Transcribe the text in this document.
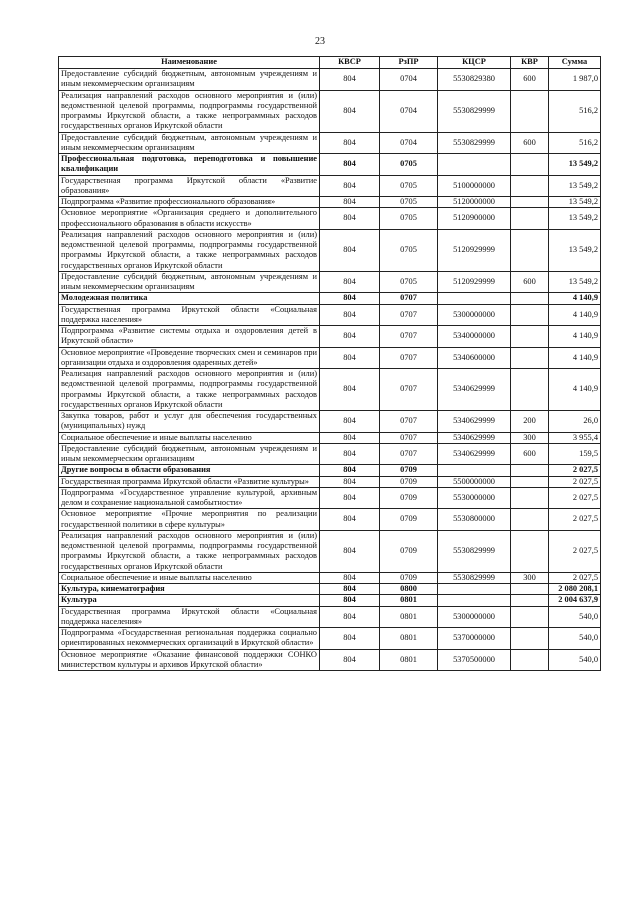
23
Наименование	КВСР	РзПР	КЦСР	КВР	Сумма
Предоставление субсидий бюджетным, автономным учреждениям и иным некоммерческим организациям	804	0704	5530829380	600	1 987,0
Реализация направлений расходов основного мероприятия и (или) ведомственной целевой программы, подпрограммы государственной программы Иркутской области, а также непрограммных расходов государственных органов Иркутской области	804	0704	5530829999		516,2
Предоставление субсидий бюджетным, автономным учреждениям и иным некоммерческим организациям	804	0704	5530829999	600	516,2
Профессиональная подготовка, переподготовка и повышение квалификации	804	0705			13 549,2
Государственная программа Иркутской области «Развитие образования»	804	0705	5100000000		13 549,2
Подпрограмма «Развитие профессионального образования»	804	0705	5120000000		13 549,2
Основное мероприятие «Организация среднего и дополнительного профессионального образования в области искусств»	804	0705	5120900000		13 549,2
Реализация направлений расходов основного мероприятия и (или) ведомственной целевой программы, подпрограммы государственной программы Иркутской области, а также непрограммных расходов государственных органов Иркутской области	804	0705	5120929999		13 549,2
Предоставление субсидий бюджетным, автономным учреждениям и иным некоммерческим организациям	804	0705	5120929999	600	13 549,2
Молодежная политика	804	0707			4 140,9
Государственная программа Иркутской области «Социальная поддержка населения»	804	0707	5300000000		4 140,9
Подпрограмма «Развитие системы отдыха и оздоровления детей в Иркутской области»	804	0707	5340000000		4 140,9
Основное мероприятие «Проведение творческих смен и семинаров при организации отдыха и оздоровления одаренных детей»	804	0707	5340600000		4 140,9
Реализация направлений расходов основного мероприятия и (или) ведомственной целевой программы, подпрограммы государственной программы Иркутской области, а также непрограммных расходов государственных органов Иркутской области	804	0707	5340629999		4 140,9
Закупка товаров, работ и услуг для обеспечения государственных (муниципальных) нужд	804	0707	5340629999	200	26,0
Социальное обеспечение и иные выплаты населению	804	0707	5340629999	300	3 955,4
Предоставление субсидий бюджетным, автономным учреждениям и иным некоммерческим организациям	804	0707	5340629999	600	159,5
Другие вопросы в области образования	804	0709			2 027,5
Государственная программа Иркутской области «Развитие культуры»	804	0709	5500000000		2 027,5
Подпрограмма «Государственное управление культурой, архивным делом и сохранение национальной самобытности»	804	0709	5530000000		2 027,5
Основное мероприятие «Прочие мероприятия по реализации государственной политики в сфере культуры»	804	0709	5530800000		2 027,5
Реализация направлений расходов основного мероприятия и (или) ведомственной целевой программы, подпрограммы государственной программы Иркутской области, а также непрограммных расходов государственных органов Иркутской области	804	0709	5530829999		2 027,5
Социальное обеспечение и иные выплаты населению	804	0709	5530829999	300	2 027,5
Культура, кинематография	804	0800			2 080 208,1
Культура	804	0801			2 004 637,9
Государственная программа Иркутской области «Социальная поддержка населения»	804	0801	5300000000		540,0
Подпрограмма «Государственная региональная поддержка социально ориентированных некоммерческих организаций в Иркутской области»	804	0801	5370000000		540,0
Основное мероприятие «Оказание финансовой поддержки СОНКО министерством культуры и архивов Иркутской области»	804	0801	5370500000		540,0
